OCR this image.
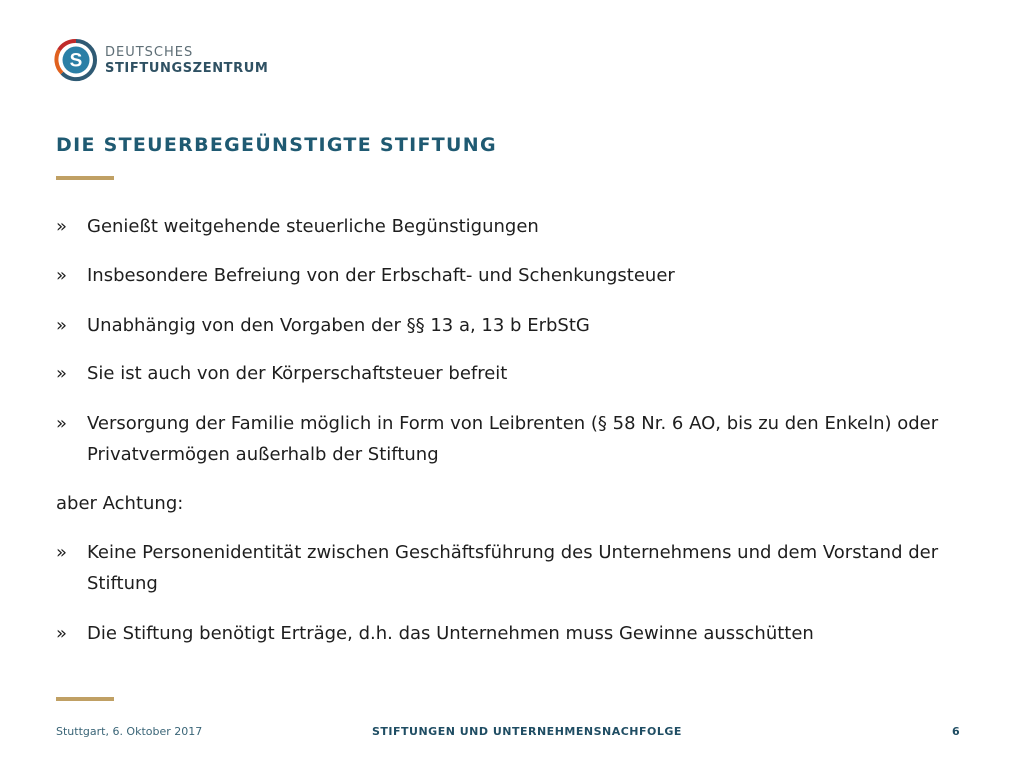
S DEUTSCHES
STIFTUNGSZENTRUM
DIE STEUERBEGEÜNSTIGTE STIFTUNG
»	Genießt weitgehende steuerliche Begünstigungen
»	Insbesondere Befreiung von der Erbschaft- und Schenkungsteuer
»	Unabhängig von den Vorgaben der §§ 13 a, 13 b ErbStG
»	Sie ist auch von der Körperschaftsteuer befreit
»	Versorgung der Familie möglich in Form von Leibrenten (§ 58 Nr. 6 AO, bis zu den Enkeln) oder Privatvermögen außerhalb der Stiftung
aber Achtung:
»	Keine Personenidentität zwischen Geschäftsführung des Unternehmens und dem Vorstand der Stiftung
»	Die Stiftung benötigt Erträge, d.h. das Unternehmen muss Gewinne ausschütten
Stuttgart, 6. Oktober 2017	STIFTUNGEN UND UNTERNEHMENSNACHFOLGE	6
